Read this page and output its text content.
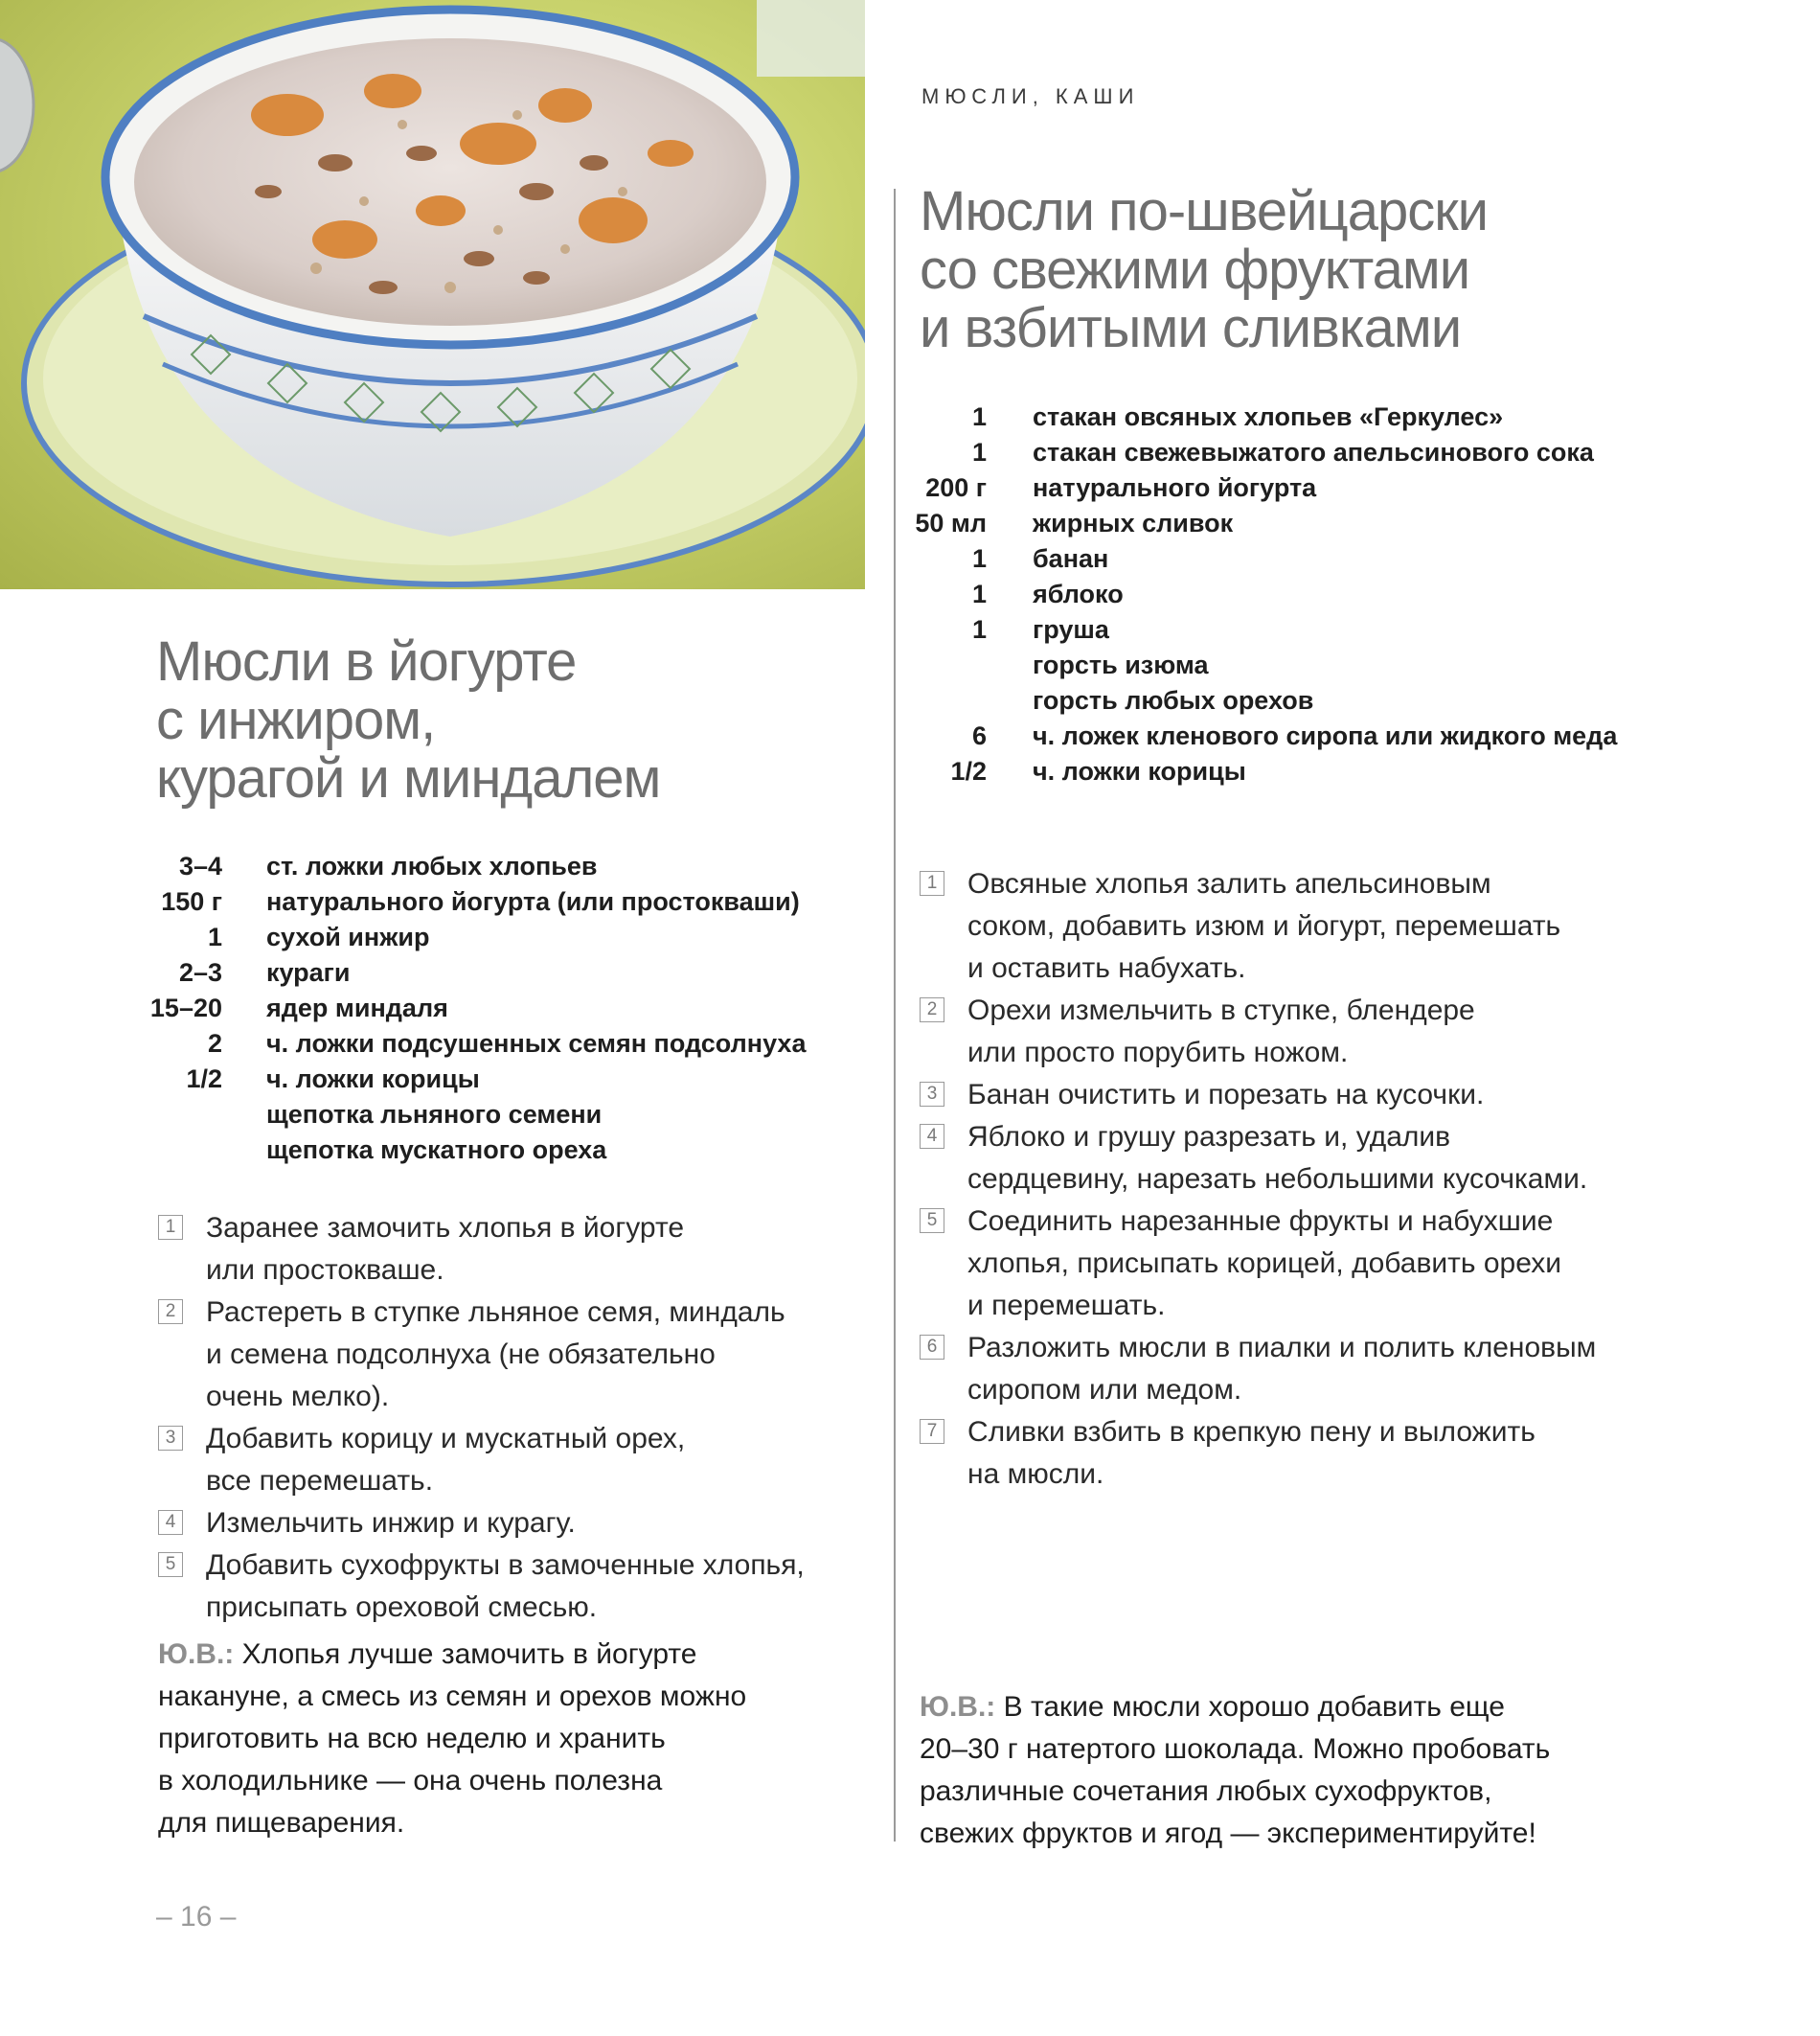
МЮСЛИ, КАШИ
Мюсли в йогурте
с инжиром,
курагой и миндалем
3–4 ст. ложки любых хлопьев
150 г натурального йогурта (или простокваши)
1 сухой инжир
2–3 кураги
15–20 ядер миндаля
2 ч. ложки подсушенных семян подсолнуха
1/2 ч. ложки корицы
щепотка льняного семени
щепотка мускатного ореха
1 Заранее замочить хлопья в йогурте
или простокваше.
2 Растереть в ступке льняное семя, миндаль
и семена подсолнуха (не обязательно
очень мелко).
3 Добавить корицу и мускатный орех,
все перемешать.
4 Измельчить инжир и курагу.
5 Добавить сухофрукты в замоченные хлопья,
присыпать ореховой смесью.

Ю.В.: Хлопья лучше замочить в йогурте
накануне, а смесь из семян и орехов можно
приготовить на всю неделю и хранить
в холодильнике — она очень полезна
для пищеварения.

Мюсли по-швейцарски
со свежими фруктами
и взбитыми сливками
1 стакан овсяных хлопьев «Геркулес»
1 стакан свежевыжатого апельсинового сока
200 г натурального йогурта
50 мл жирных сливок
1 банан
1 яблоко
1 груша
горсть изюма
горсть любых орехов
6 ч. ложек кленового сиропа или жидкого меда
1/2 ч. ложки корицы
1 Овсяные хлопья залить апельсиновым
соком, добавить изюм и йогурт, перемешать
и оставить набухать.
2 Орехи измельчить в ступке, блендере
или просто порубить ножом.
3 Банан очистить и порезать на кусочки.
4 Яблоко и грушу разрезать и, удалив
сердцевину, нарезать небольшими кусочками.
5 Соединить нарезанные фрукты и набухшие
хлопья, присыпать корицей, добавить орехи
и перемешать.
6 Разложить мюсли в пиалки и полить кленовым
сиропом или медом.
7 Сливки взбить в крепкую пену и выложить
на мюсли.

Ю.В.: В такие мюсли хорошо добавить еще
20–30 г натертого шоколада. Можно пробовать
различные сочетания любых сухофруктов,
свежих фруктов и ягод — экспериментируйте!

– 16 –
